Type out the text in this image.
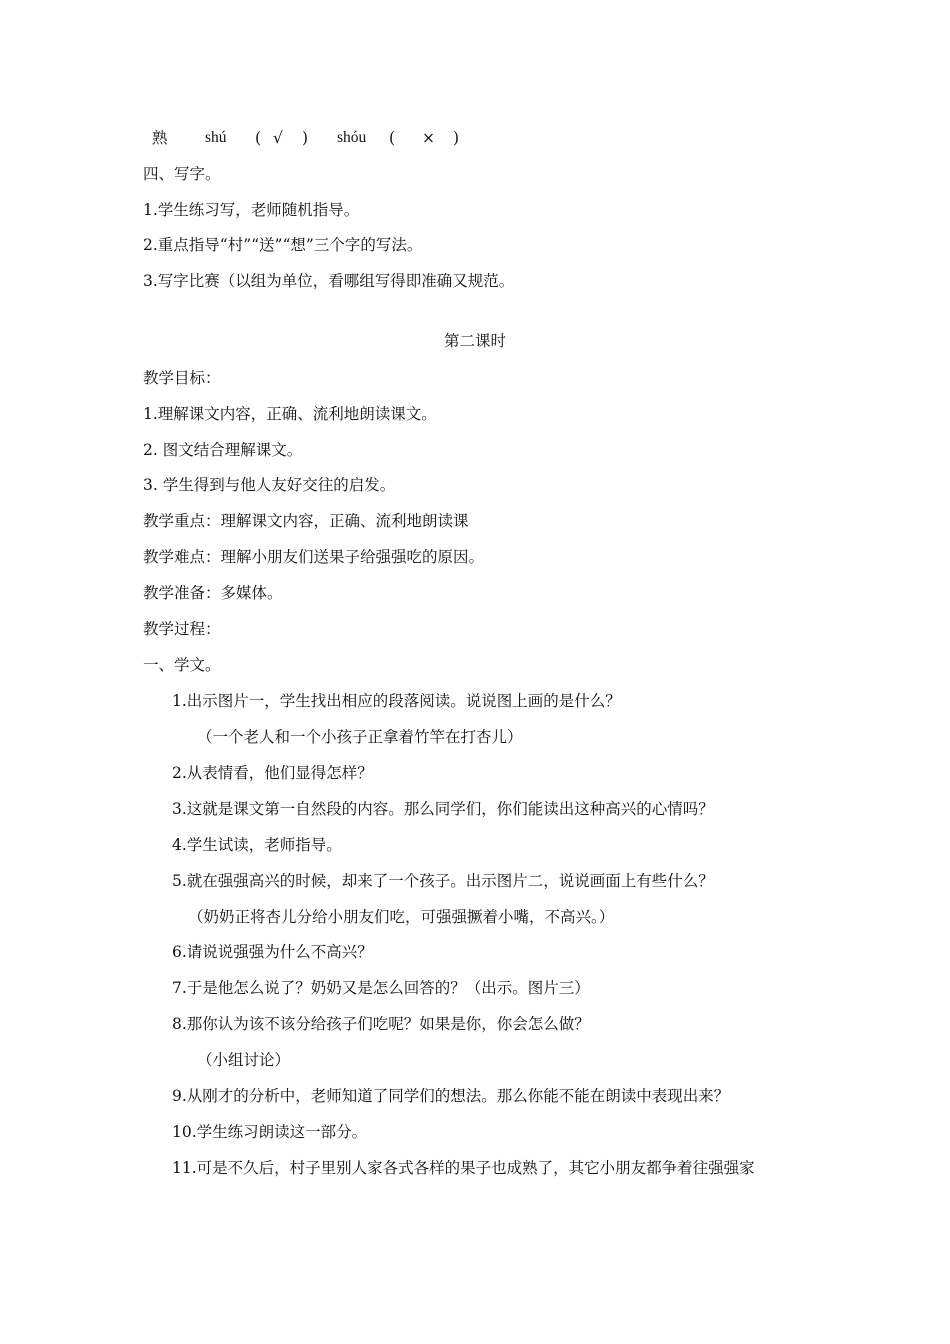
熟 shú ( √ ) shóu ( × )
四、写字。
1.学生练习写，老师随机指导。
2.重点指导“村”“送”“想”三个字的写法。
3.写字比赛（以组为单位，看哪组写得即准确又规范。
第二课时
教学目标：
1.理解课文内容，正确、流利地朗读课文。
2. 图文结合理解课文。
3. 学生得到与他人友好交往的启发。
教学重点：理解课文内容，正确、流利地朗读课
教学难点：理解小朋友们送果子给强强吃的原因。
教学准备：多媒体。
教学过程：
一、学文。
1.出示图片一，学生找出相应的段落阅读。说说图上画的是什么？
（一个老人和一个小孩子正拿着竹竿在打杏儿）
2.从表情看，他们显得怎样？
3.这就是课文第一自然段的内容。那么同学们，你们能读出这种高兴的心情吗？
4.学生试读，老师指导。
5.就在强强高兴的时候，却来了一个孩子。出示图片二，说说画面上有些什么？
（奶奶正将杏儿分给小朋友们吃，可强强撅着小嘴，不高兴。）
6.请说说强强为什么不高兴？
7.于是他怎么说了？奶奶又是怎么回答的？（出示。图片三）
8.那你认为该不该分给孩子们吃呢？如果是你，你会怎么做？
（小组讨论）
9.从刚才的分析中，老师知道了同学们的想法。那么你能不能在朗读中表现出来？
10.学生练习朗读这一部分。
11.可是不久后，村子里别人家各式各样的果子也成熟了，其它小朋友都争着往强强家
